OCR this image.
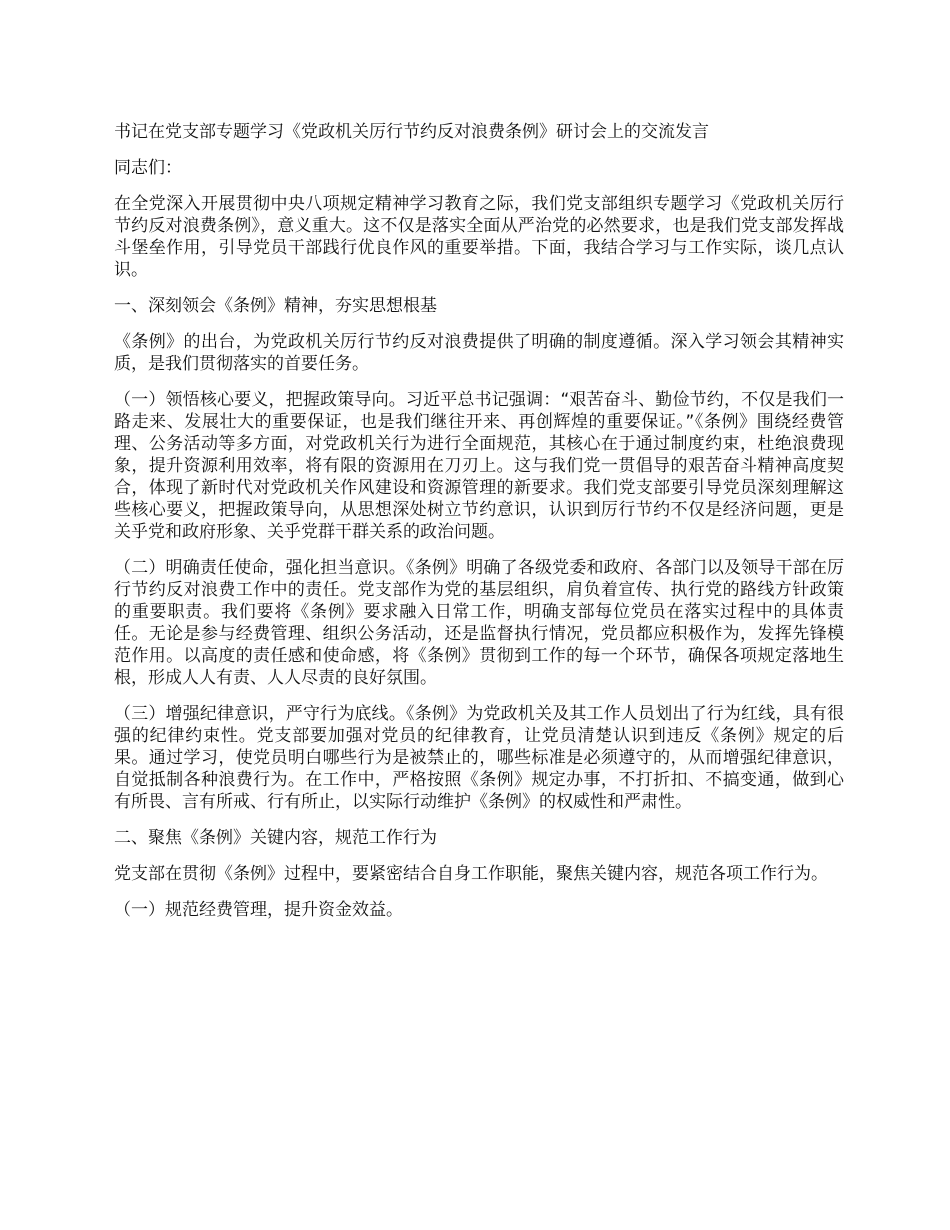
书记在党支部专题学习《党政机关厉行节约反对浪费条例》研讨会上的交流发言

同志们：

在全党深入开展贯彻中央八项规定精神学习教育之际，我们党支部组织专题学习《党政机关厉行节约反对浪费条例》，意义重大。这不仅是落实全面从严治党的必然要求，也是我们党支部发挥战斗堡垒作用，引导党员干部践行优良作风的重要举措。下面，我结合学习与工作实际，谈几点认识。

一、深刻领会《条例》精神，夯实思想根基

《条例》的出台，为党政机关厉行节约反对浪费提供了明确的制度遵循。深入学习领会其精神实质，是我们贯彻落实的首要任务。

（一）领悟核心要义，把握政策导向。习近平总书记强调：“艰苦奋斗、勤俭节约，不仅是我们一路走来、发展壮大的重要保证，也是我们继往开来、再创辉煌的重要保证。”《条例》围绕经费管理、公务活动等多方面，对党政机关行为进行全面规范，其核心在于通过制度约束，杜绝浪费现象，提升资源利用效率，将有限的资源用在刀刃上。这与我们党一贯倡导的艰苦奋斗精神高度契合，体现了新时代对党政机关作风建设和资源管理的新要求。我们党支部要引导党员深刻理解这些核心要义，把握政策导向，从思想深处树立节约意识，认识到厉行节约不仅是经济问题，更是关乎党和政府形象、关乎党群干群关系的政治问题。

（二）明确责任使命，强化担当意识。《条例》明确了各级党委和政府、各部门以及领导干部在厉行节约反对浪费工作中的责任。党支部作为党的基层组织，肩负着宣传、执行党的路线方针政策的重要职责。我们要将《条例》要求融入日常工作，明确支部每位党员在落实过程中的具体责任。无论是参与经费管理、组织公务活动，还是监督执行情况，党员都应积极作为，发挥先锋模范作用。以高度的责任感和使命感，将《条例》贯彻到工作的每一个环节，确保各项规定落地生根，形成人人有责、人人尽责的良好氛围。

（三）增强纪律意识，严守行为底线。《条例》为党政机关及其工作人员划出了行为红线，具有很强的纪律约束性。党支部要加强对党员的纪律教育，让党员清楚认识到违反《条例》规定的后果。通过学习，使党员明白哪些行为是被禁止的，哪些标准是必须遵守的，从而增强纪律意识，自觉抵制各种浪费行为。在工作中，严格按照《条例》规定办事，不打折扣、不搞变通，做到心有所畏、言有所戒、行有所止，以实际行动维护《条例》的权威性和严肃性。

二、聚焦《条例》关键内容，规范工作行为

党支部在贯彻《条例》过程中，要紧密结合自身工作职能，聚焦关键内容，规范各项工作行为。

（一）规范经费管理，提升资金效益。
